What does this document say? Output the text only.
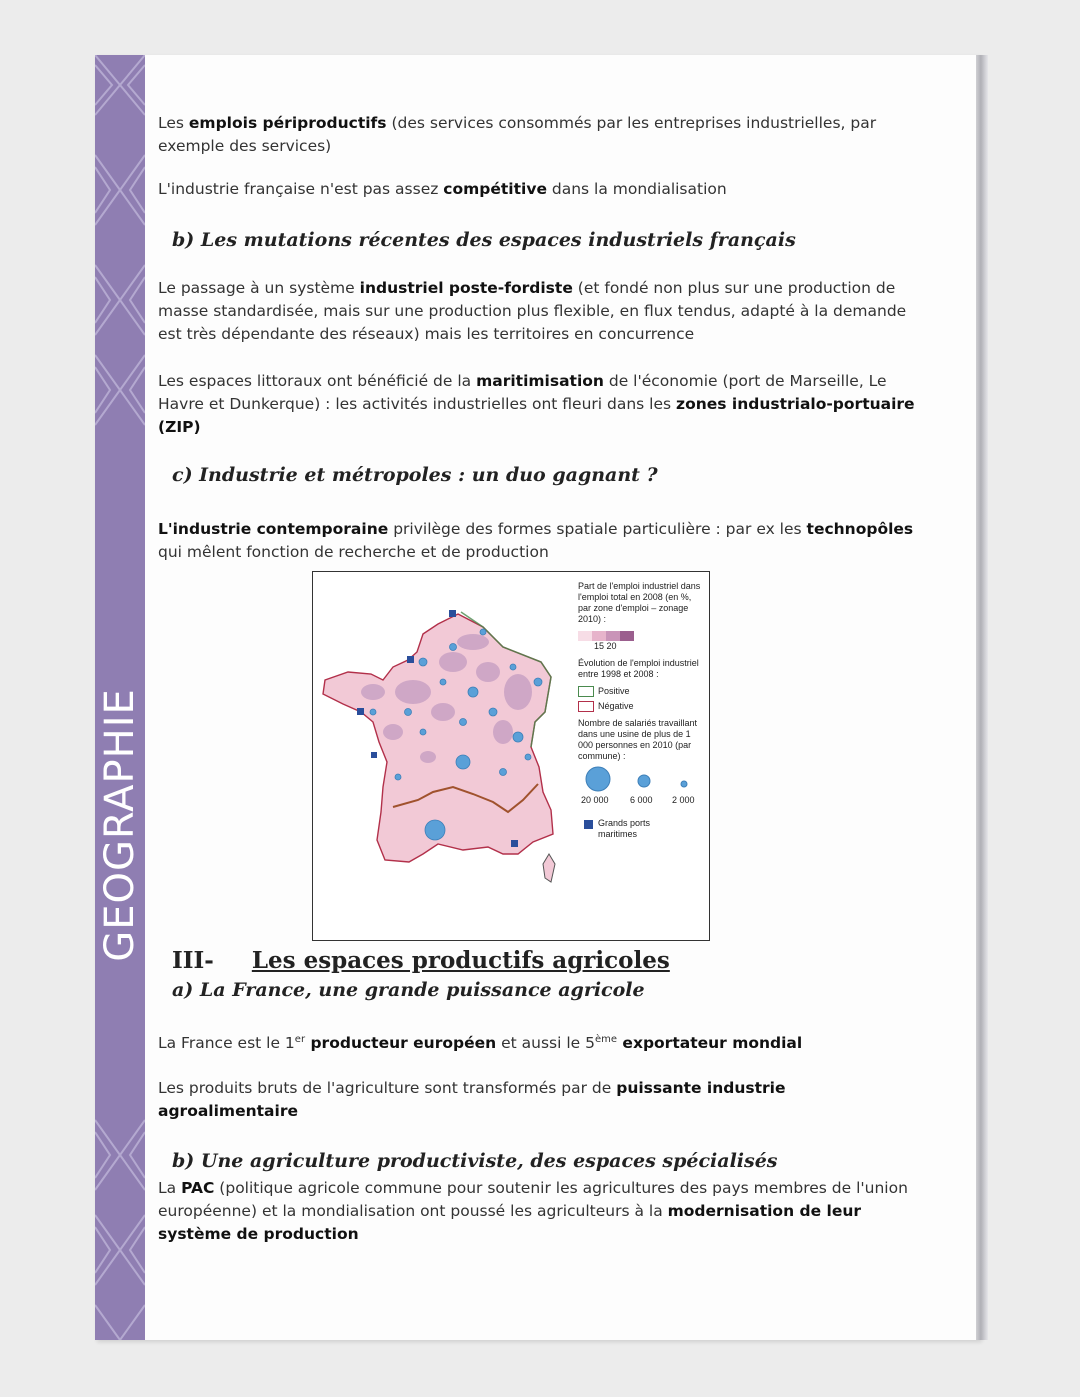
GEOGRAPHIE

Les emplois périproductifs (des services consommés par les entreprises industrielles, par exemple des services)

L'industrie française n'est pas assez compétitive dans la mondialisation

b) Les mutations récentes des espaces industriels français

Le passage à un système industriel poste-fordiste (et fondé non plus sur une production de masse standardisée, mais sur une production plus flexible, en flux tendus, adapté à la demande est très dépendante des réseaux) mais les territoires en concurrence

Les espaces littoraux ont bénéficié de la maritimisation de l'économie (port de Marseille, Le Havre et Dunkerque) : les activités industrielles ont fleuri dans les zones industrialo-portuaire (ZIP)

c) Industrie et métropoles : un duo gagnant ?

L'industrie contemporaine privilège des formes spatiale particulière : par ex les technopôles qui mêlent fonction de recherche et de production

Part de l'emploi industriel dans l'emploi total en 2008 (en %, par zone d'emploi – zonage 2010) :
15 20
Évolution de l'emploi industriel entre 1998 et 2008 :
Positive
Négative
Nombre de salariés travaillant dans une usine de plus de 1 000 personnes en 2010 (par commune) :
20 000 6 000 2 000
Grands ports maritimes
III- Les espaces productifs agricoles
a) La France, une grande puissance agricole

La France est le 1er producteur européen et aussi le 5ème exportateur mondial

Les produits bruts de l'agriculture sont transformés par de puissante industrie agroalimentaire

b) Une agriculture productiviste, des espaces spécialisés

La PAC (politique agricole commune pour soutenir les agricultures des pays membres de l'union européenne) et la mondialisation ont poussé les agriculteurs à la modernisation de leur système de production
